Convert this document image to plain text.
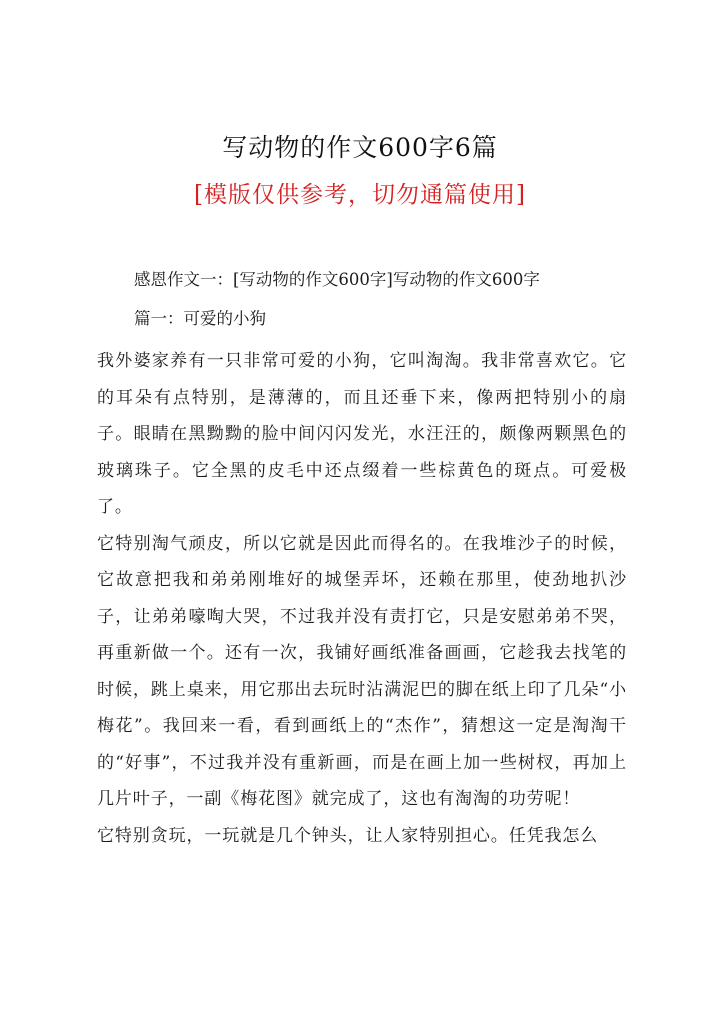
写动物的作文600字6篇
[模版仅供参考，切勿通篇使用]
感恩作文一：[写动物的作文600字]写动物的作文600字
篇一：可爱的小狗

我外婆家养有一只非常可爱的小狗，它叫淘淘。我非常喜欢它。它的耳朵有点特别，是薄薄的，而且还垂下来，像两把特别小的扇子。眼睛在黑黝黝的脸中间闪闪发光，水汪汪的，颇像两颗黑色的玻璃珠子。它全黑的皮毛中还点缀着一些棕黄色的斑点。可爱极了。

它特别淘气顽皮，所以它就是因此而得名的。在我堆沙子的时候，它故意把我和弟弟刚堆好的城堡弄坏，还赖在那里，使劲地扒沙子，让弟弟嚎啕大哭，不过我并没有责打它，只是安慰弟弟不哭，再重新做一个。还有一次，我铺好画纸准备画画，它趁我去找笔的时候，跳上桌来，用它那出去玩时沾满泥巴的脚在纸上印了几朵“小梅花”。我回来一看，看到画纸上的“杰作”，猜想这一定是淘淘干的“好事”，不过我并没有重新画，而是在画上加一些树杈，再加上几片叶子，一副《梅花图》就完成了，这也有淘淘的功劳呢！

它特别贪玩，一玩就是几个钟头，让人家特别担心。任凭我怎么
